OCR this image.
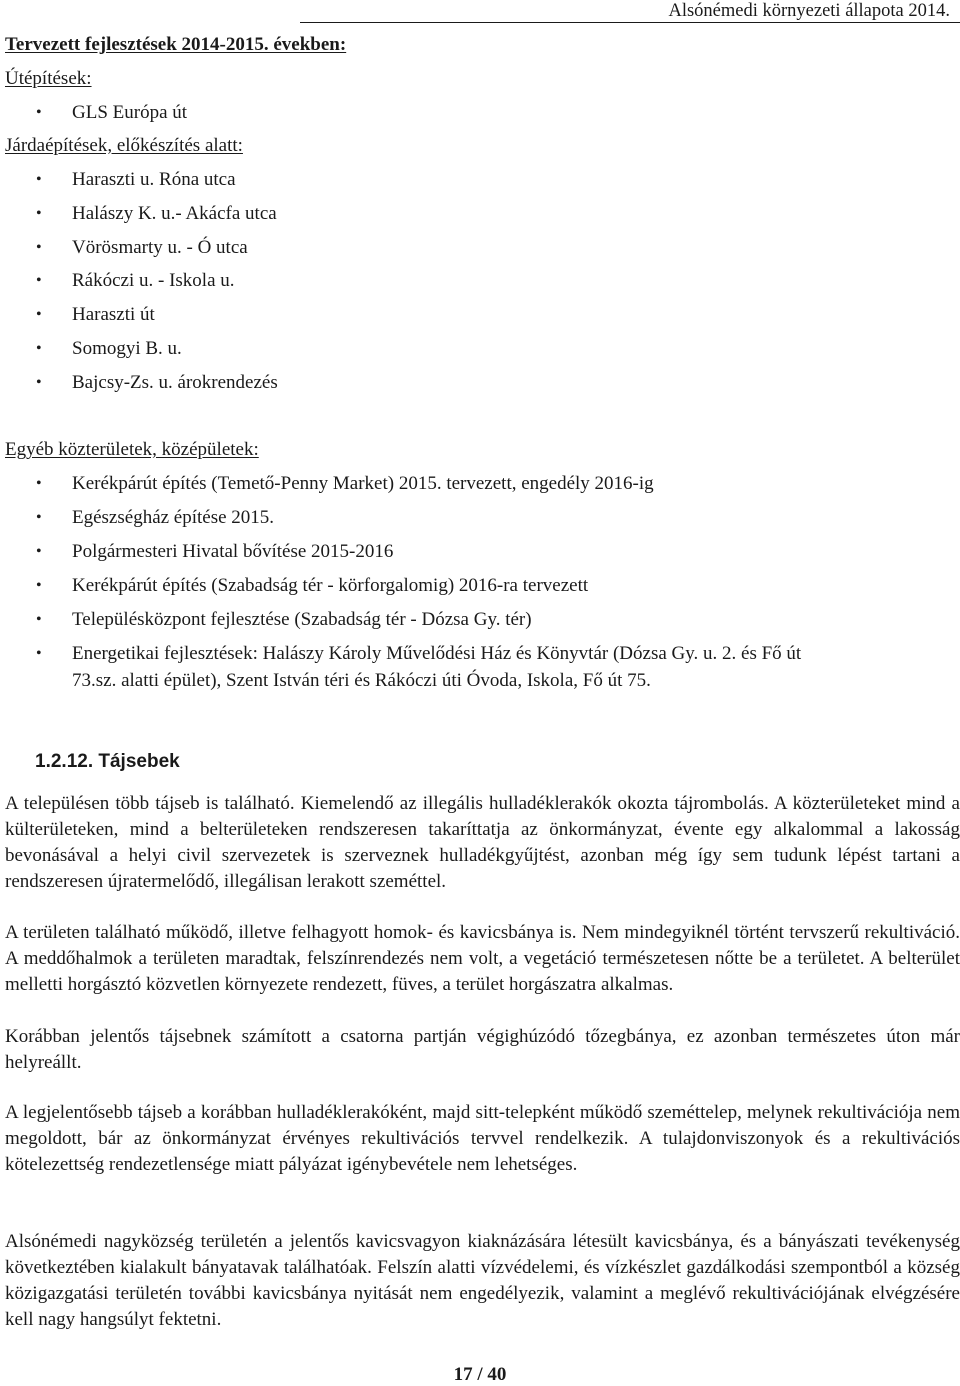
Alsónémedi környezeti állapota 2014.
Tervezett fejlesztések 2014-2015. években:
Útépítések:
• GLS Európa út
Járdaépítések, előkészítés alatt:
• Haraszti u. Róna utca
• Halászy K. u.- Akácfa utca
• Vörösmarty u. - Ó utca
• Rákóczi u. - Iskola u.
• Haraszti út
• Somogyi B. u.
• Bajcsy-Zs. u. árokrendezés
Egyéb közterületek, középületek:
• Kerékpárút építés (Temető-Penny Market) 2015. tervezett, engedély 2016-ig
• Egészségház építése 2015.
• Polgármesteri Hivatal bővítése 2015-2016
• Kerékpárút építés (Szabadság tér - körforgalomig) 2016-ra tervezett
• Településközpont fejlesztése (Szabadság tér - Dózsa Gy. tér)
• Energetikai fejlesztések: Halászy Károly Művelődési Ház és Könyvtár (Dózsa Gy. u. 2. és Fő út
73.sz. alatti épület), Szent István téri és Rákóczi úti Óvoda, Iskola, Fő út 75.
1.2.12. Tájsebek

A településen több tájseb is található. Kiemelendő az illegális hulladéklerakók okozta tájrombolás. A közterületeket mind a külterületeken, mind a belterületeken rendszeresen takaríttatja az önkormányzat, évente egy alkalommal a lakosság bevonásával a helyi civil szervezetek is szerveznek hulladékgyűjtést, azonban még így sem tudunk lépést tartani a rendszeresen újratermelődő, illegálisan lerakott szeméttel.

A területen található működő, illetve felhagyott homok- és kavicsbánya is. Nem mindegyiknél történt tervszerű rekultiváció. A meddőhalmok a területen maradtak, felszínrendezés nem volt, a vegetáció természetesen nőtte be a területet. A belterület melletti horgásztó közvetlen környezete rendezett, füves, a terület horgászatra alkalmas.

Korábban jelentős tájsebnek számított a csatorna partján végighúzódó tőzegbánya, ez azonban természetes úton már helyreállt.

A legjelentősebb tájseb a korábban hulladéklerakóként, majd sitt-telepként működő szeméttelep, melynek rekultivációja nem megoldott, bár az önkormányzat érvényes rekultivációs tervvel rendelkezik. A tulajdonviszonyok és a rekultivációs kötelezettség rendezetlensége miatt pályázat igénybevétele nem lehetséges.

Alsónémedi nagyközség területén a jelentős kavicsvagyon kiaknázására létesült kavicsbánya, és a bányászati tevékenység következtében kialakult bányatavak találhatóak. Felszín alatti vízvédelemi, és vízkészlet gazdálkodási szempontból a község közigazgatási területén további kavicsbánya nyitását nem engedélyezik, valamint a meglévő rekultivációjának elvégzésére kell nagy hangsúlyt fektetni.

17 / 40
